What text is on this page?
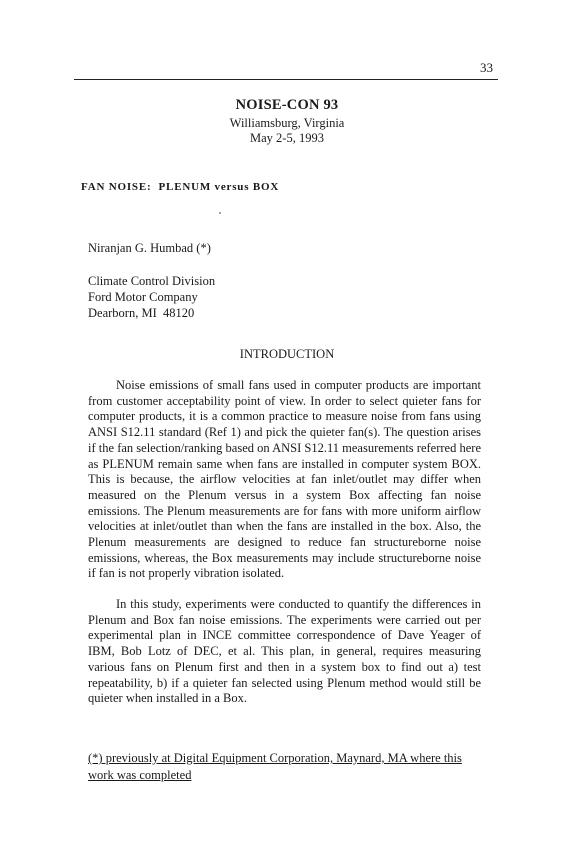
33
NOISE-CON 93
Williamsburg, Virginia
May 2-5, 1993
FAN NOISE:  PLENUM versus BOX
Niranjan G. Humbad (*)
Climate Control Division
Ford Motor Company
Dearborn, MI  48120
INTRODUCTION

Noise emissions of small fans used in computer products are important from customer acceptability point of view. In order to select quieter fans for computer products, it is a common practice to measure noise from fans using ANSI S12.11 standard (Ref 1) and pick the quieter fan(s). The question arises if the fan selection/ranking based on ANSI S12.11 measurements referred here as PLENUM remain same when fans are installed in computer system BOX. This is because, the airflow velocities at fan inlet/outlet may differ when measured on the Plenum versus in a system Box affecting fan noise emissions. The Plenum measurements are for fans with more uniform airflow velocities at inlet/outlet than when the fans are installed in the box. Also, the Plenum measurements are designed to reduce fan structureborne noise emissions, whereas, the Box measurements may include structureborne noise if fan is not properly vibration isolated.

In this study, experiments were conducted to quantify the differences in Plenum and Box fan noise emissions. The experiments were carried out per experimental plan in INCE committee correspondence of Dave Yeager of IBM, Bob Lotz of DEC, et al. This plan, in general, requires measuring various fans on Plenum first and then in a system box to find out a) test repeatability, b) if a quieter fan selected using Plenum method would still be quieter when installed in a Box.

(*) previously at Digital Equipment Corporation, Maynard, MA where this work was completed
